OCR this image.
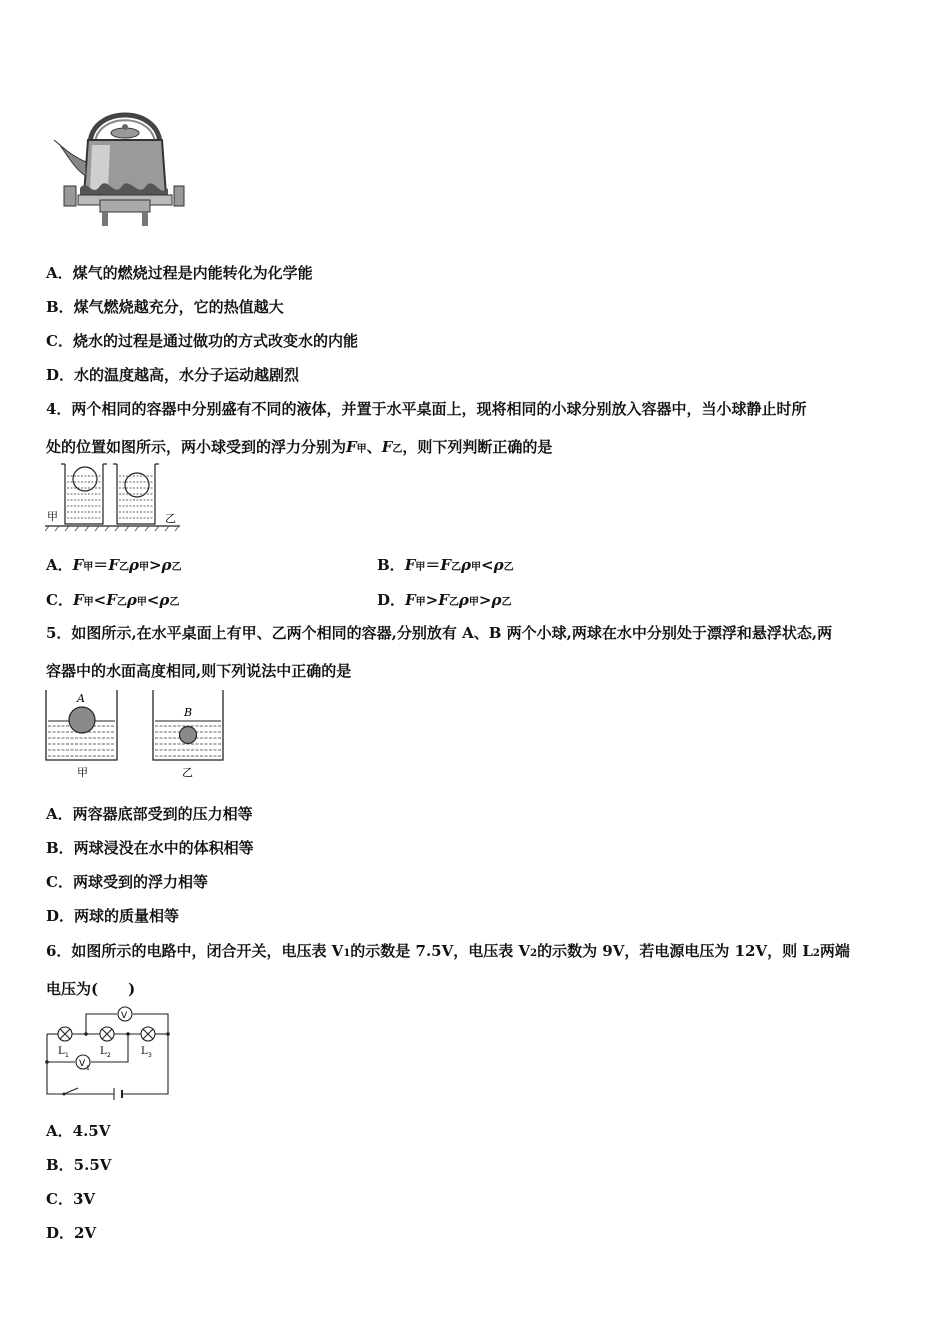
A．煤气的燃烧过程是内能转化为化学能
B．煤气燃烧越充分，它的热值越大
C．烧水的过程是通过做功的方式改变水的内能
D．水的温度越高，水分子运动越剧烈
4．两个相同的容器中分别盛有不同的液体，并置于水平桌面上，现将相同的小球分别放入容器中，当小球静止时所
处的位置如图所示，两小球受到的浮力分别为F甲、F乙，则下列判断正确的是
甲	乙
A．F甲＝F乙ρ甲>ρ乙	B．F甲＝F乙ρ甲<ρ乙
C．F甲<F乙ρ甲<ρ乙	D．F甲>F乙ρ甲>ρ乙
5．如图所示,在水平桌面上有甲、乙两个相同的容器,分别放有 A、B 两个小球,两球在水中分别处于漂浮和悬浮状态,两
容器中的水面高度相同,则下列说法中正确的是
A
B
甲	乙
A．两容器底部受到的压力相等
B．两球浸没在水中的体积相等
C．两球受到的浮力相等
D．两球的质量相等
6．如图所示的电路中，闭合开关，电压表 V1的示数是 7.5V，电压表 V2的示数为 9V，若电源电压为 12V，则 L2两端
电压为(　　)
V
V 1
L 1	L 2	L 3
A．4.5V
B．5.5V
C．3V
D．2V
